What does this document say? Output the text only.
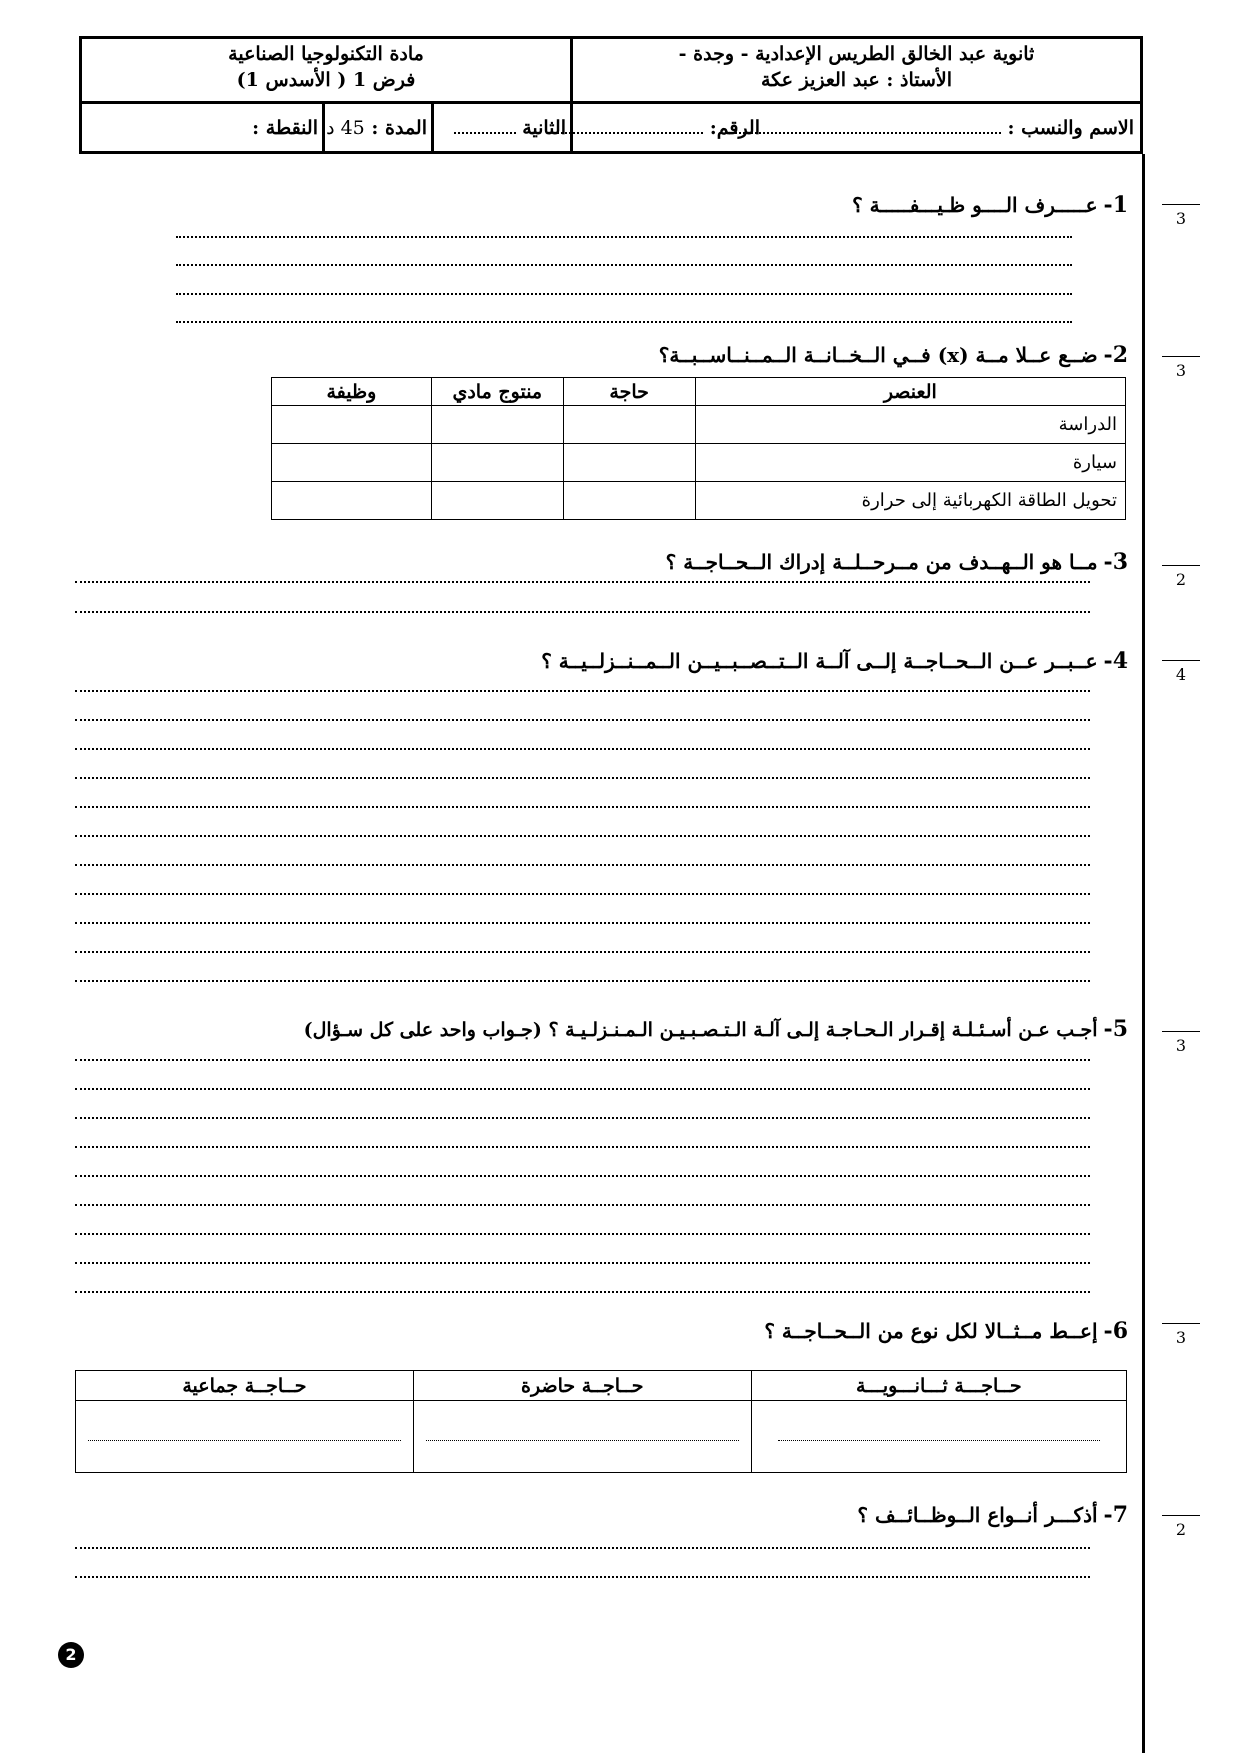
ثانوية عبد الخالق الطريس الإعدادية - وجدة -
الأستاذ : عبد العزيز عكة
مادة التكنولوجيا الصناعية
فرض 1 ( الأسدس 1)
الاسم والنسب :
الرقم:
الثانية
المدة : 45 د
النقطة :
3
3
2
4
3
3
2
1-عـــــرف الــــو ظـيـــفـــــة ؟
2-ضــع عــلا مــة (x) فــي الــخــانــة الــمــنــاســبــة؟
العنصر	حاجة	منتوج مادي	وظيفة
الدراسة			
سيارة			
تحويل الطاقة الكهربائية إلى حرارة			
3-مــا هو الــهــدف من مــرحــلــة إدراك الــحــاجــة ؟
4-عــبــر عــن الــحــاجــة إلــى آلــة الــتــصــبــيــن الــمــنــزلــيــة ؟
5-أجـب عـن أسـئـلـة إقـرار الـحـاجـة إلـى آلـة الـتـصـبـيـن الـمـنـزلـيـة ؟ (جـواب واحد على كل سـؤال)
6-إعــط مــثــالا لكل نوع من الــحــاجــة ؟
حــاجـــة ثـــانـــويـــة	حــاجــة حاضرة	حــاجــة جماعية

7-أذكـــر أنــواع الــوظــائــف ؟
2
